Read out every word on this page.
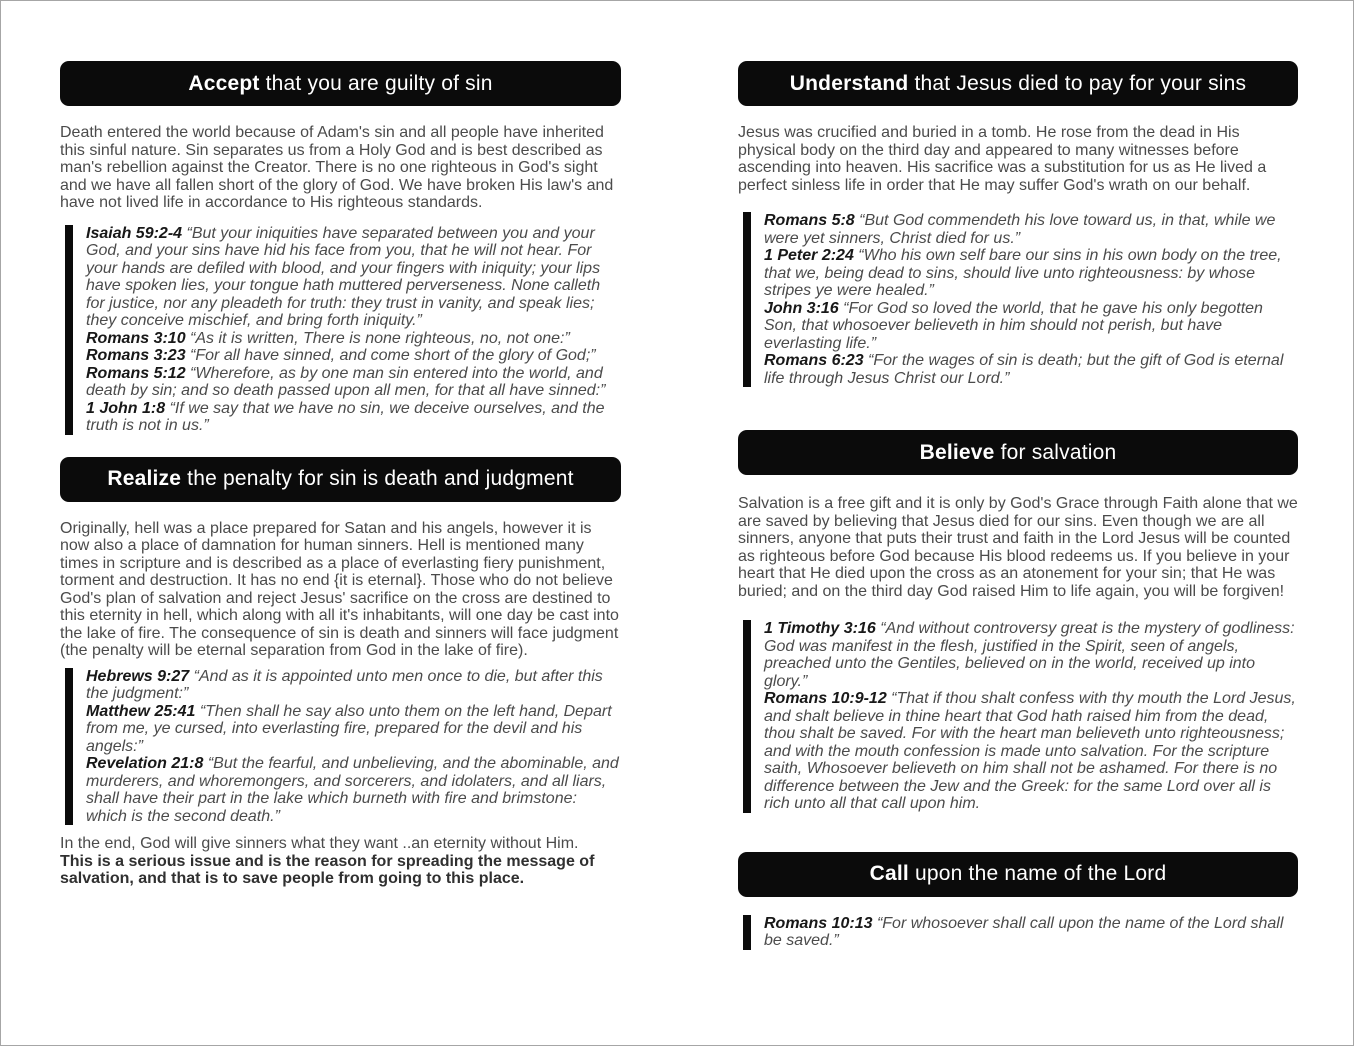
Accept that you are guilty of sin

Death entered the world because of Adam's sin and all people have inherited this sinful nature. Sin separates us from a Holy God and is best described as man's rebellion against the Creator. There is no one righteous in God's sight and we have all fallen short of the glory of God. We have broken His law's and have not lived life in accordance to His righteous standards.

Isaiah 59:2-4 “But your iniquities have separated between you and your God, and your sins have hid his face from you, that he will not hear. For your hands are defiled with blood, and your fingers with iniquity; your lips have spoken lies, your tongue hath muttered perverseness. None calleth for justice, nor any pleadeth for truth: they trust in vanity, and speak lies; they conceive mischief, and bring forth iniquity.”
Romans 3:10 “As it is written, There is none righteous, no, not one:”
Romans 3:23 “For all have sinned, and come short of the glory of God;”
Romans 5:12 “Wherefore, as by one man sin entered into the world, and death by sin; and so death passed upon all men, for that all have sinned:”
1 John 1:8 “If we say that we have no sin, we deceive ourselves, and the truth is not in us.”
Realize the penalty for sin is death and judgment

Originally, hell was a place prepared for Satan and his angels, however it is now also a place of damnation for human sinners. Hell is mentioned many times in scripture and is described as a place of everlasting fiery punishment, torment and destruction. It has no end {it is eternal}. Those who do not believe God's plan of salvation and reject Jesus' sacrifice on the cross are destined to this eternity in hell, which along with all it's inhabitants, will one day be cast into the lake of fire. The consequence of sin is death and sinners will face judgment (the penalty will be eternal separation from God in the lake of fire).

Hebrews 9:27 “And as it is appointed unto men once to die, but after this the judgment:”
Matthew 25:41 “Then shall he say also unto them on the left hand, Depart from me, ye cursed, into everlasting fire, prepared for the devil and his angels:”
Revelation 21:8 “But the fearful, and unbelieving, and the abominable, and murderers, and whoremongers, and sorcerers, and idolaters, and all liars, shall have their part in the lake which burneth with fire and brimstone: which is the second death.”
In the end, God will give sinners what they want ..an eternity without Him.
This is a serious issue and is the reason for spreading the message of salvation, and that is to save people from going to this place.
Understand that Jesus died to pay for your sins

Jesus was crucified and buried in a tomb. He rose from the dead in His physical body on the third day and appeared to many witnesses before ascending into heaven. His sacrifice was a substitution for us as He lived a perfect sinless life in order that He may suffer God's wrath on our behalf.

Romans 5:8 “But God commendeth his love toward us, in that, while we were yet sinners, Christ died for us.”
1 Peter 2:24 “Who his own self bare our sins in his own body on the tree, that we, being dead to sins, should live unto righteousness: by whose stripes ye were healed.”
John 3:16 “For God so loved the world, that he gave his only begotten Son, that whosoever believeth in him should not perish, but have everlasting life.”
Romans 6:23 “For the wages of sin is death; but the gift of God is eternal life through Jesus Christ our Lord.”
Believe for salvation

Salvation is a free gift and it is only by God's Grace through Faith alone that we are saved by believing that Jesus died for our sins. Even though we are all sinners, anyone that puts their trust and faith in the Lord Jesus will be counted as righteous before God because His blood redeems us. If you believe in your heart that He died upon the cross as an atonement for your sin; that He was buried; and on the third day God raised Him to life again, you will be forgiven!

1 Timothy 3:16 “And without controversy great is the mystery of godliness: God was manifest in the flesh, justified in the Spirit, seen of angels, preached unto the Gentiles, believed on in the world, received up into glory.”
Romans 10:9-12 “That if thou shalt confess with thy mouth the Lord Jesus, and shalt believe in thine heart that God hath raised him from the dead, thou shalt be saved. For with the heart man believeth unto righteousness; and with the mouth confession is made unto salvation. For the scripture saith, Whosoever believeth on him shall not be ashamed. For there is no difference between the Jew and the Greek: for the same Lord over all is rich unto all that call upon him.
Call upon the name of the Lord
Romans 10:13 “For whosoever shall call upon the name of the Lord shall be saved.”
